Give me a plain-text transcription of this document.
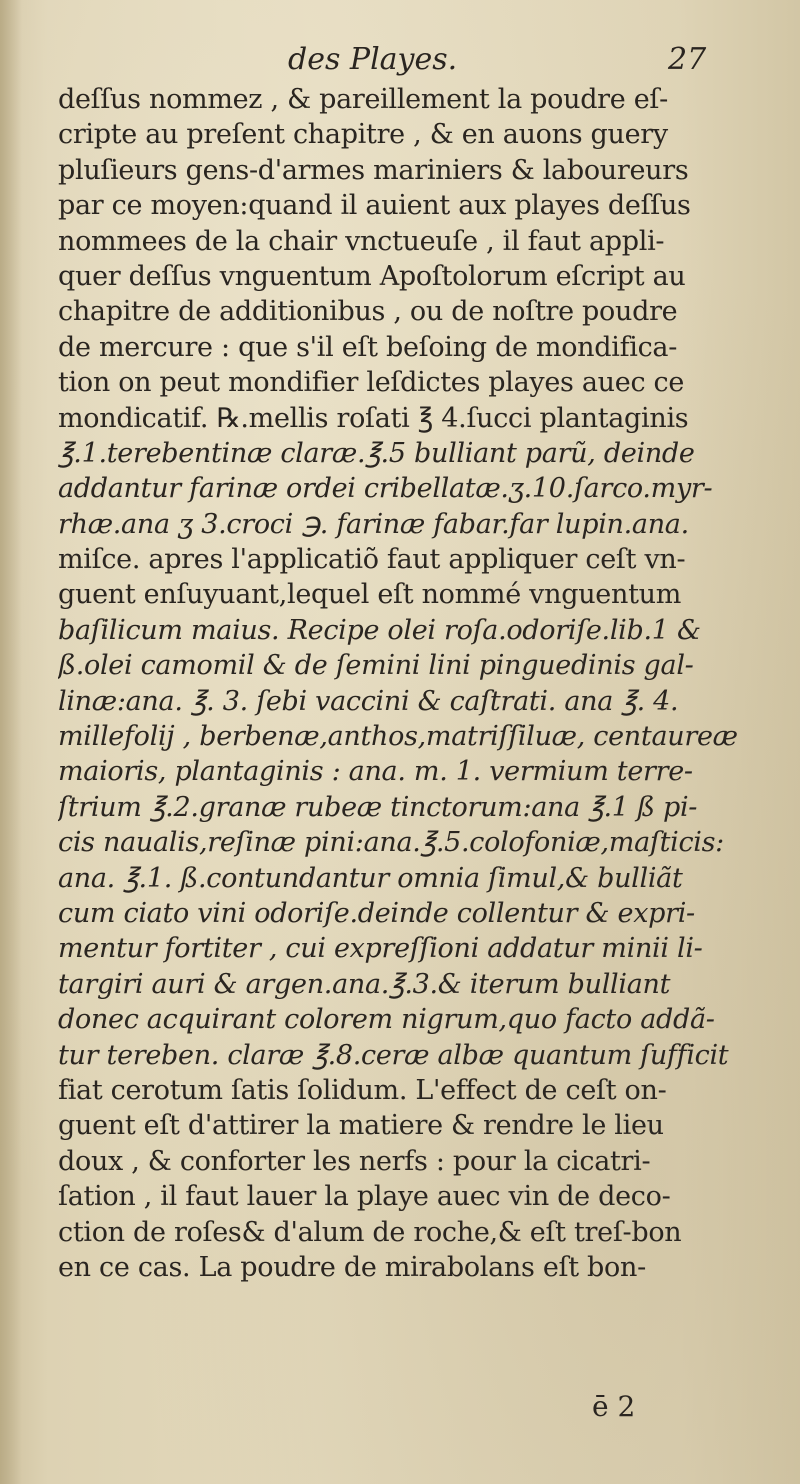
des Playes.	27
deſſus nommez , & pareillement la poudre eſ-
cripte au preſent chapitre , & en auons guery
pluſieurs gens-d'armes mariniers & laboureurs
par ce moyen:quand il auient aux playes deſſus
nommees de la chair vnctueuſe , il faut appli-
quer deſſus vnguentum Apoſtolorum eſcript au
chapitre de additionibus , ou de noſtre poudre
de mercure : que s'il eſt beſoing de mondifica-
tion on peut mondifier leſdictes playes auec ce
mondicatif. ℞.mellis roſati ℥ 4.ſucci plantaginis
℥.1.terebentinæ claræ.℥.5 bulliant parũ, deinde
addantur farinæ ordei cribellatæ.ʒ.10.ſarco.myr-
rhæ.ana ʒ 3.croci ℈. farinæ fabar.far lupin.ana.
miſce. apres l'applicatiõ faut appliquer ceſt vn-
guent enſuyuant,lequel eſt nommé vnguentum
baſilicum maius. Recipe olei roſa.odoriſe.lib.1 &
ß.olei camomil & de ſemini lini pinguedinis gal-
linæ:ana. ℥. 3. ſebi vaccini & caſtrati. ana ℥. 4.
millefolij , berbenæ,anthos,matriſſiluæ, centaureæ
maioris, plantaginis : ana. m. 1. vermium terre-
ſtrium ℥.2.granæ rubeæ tinctorum:ana ℥.1 ß pi-
cis naualis,reſinæ pini:ana.℥.5.colofoniæ,maſticis:
ana. ℥.1. ß.contundantur omnia ſimul,& bulliãt
cum ciato vini odoriſe.deinde collentur & expri-
mentur fortiter , cui expreſſioni addatur minii li-
targiri auri & argen.ana.℥.3.& iterum bulliant
donec acquirant colorem nigrum,quo facto addã-
tur tereben. claræ ℥.8.ceræ albæ quantum ſufficit
fiat cerotum ſatis ſolidum. L'effect de ceſt on-
guent eſt d'attirer la matiere & rendre le lieu
doux , & conforter les nerfs : pour la cicatri-
ſation , il faut lauer la playe auec vin de deco-
ction de roſes& d'alum de roche,& eſt treſ-bon
en ce cas. La poudre de mirabolans eſt bon-
ē 2
